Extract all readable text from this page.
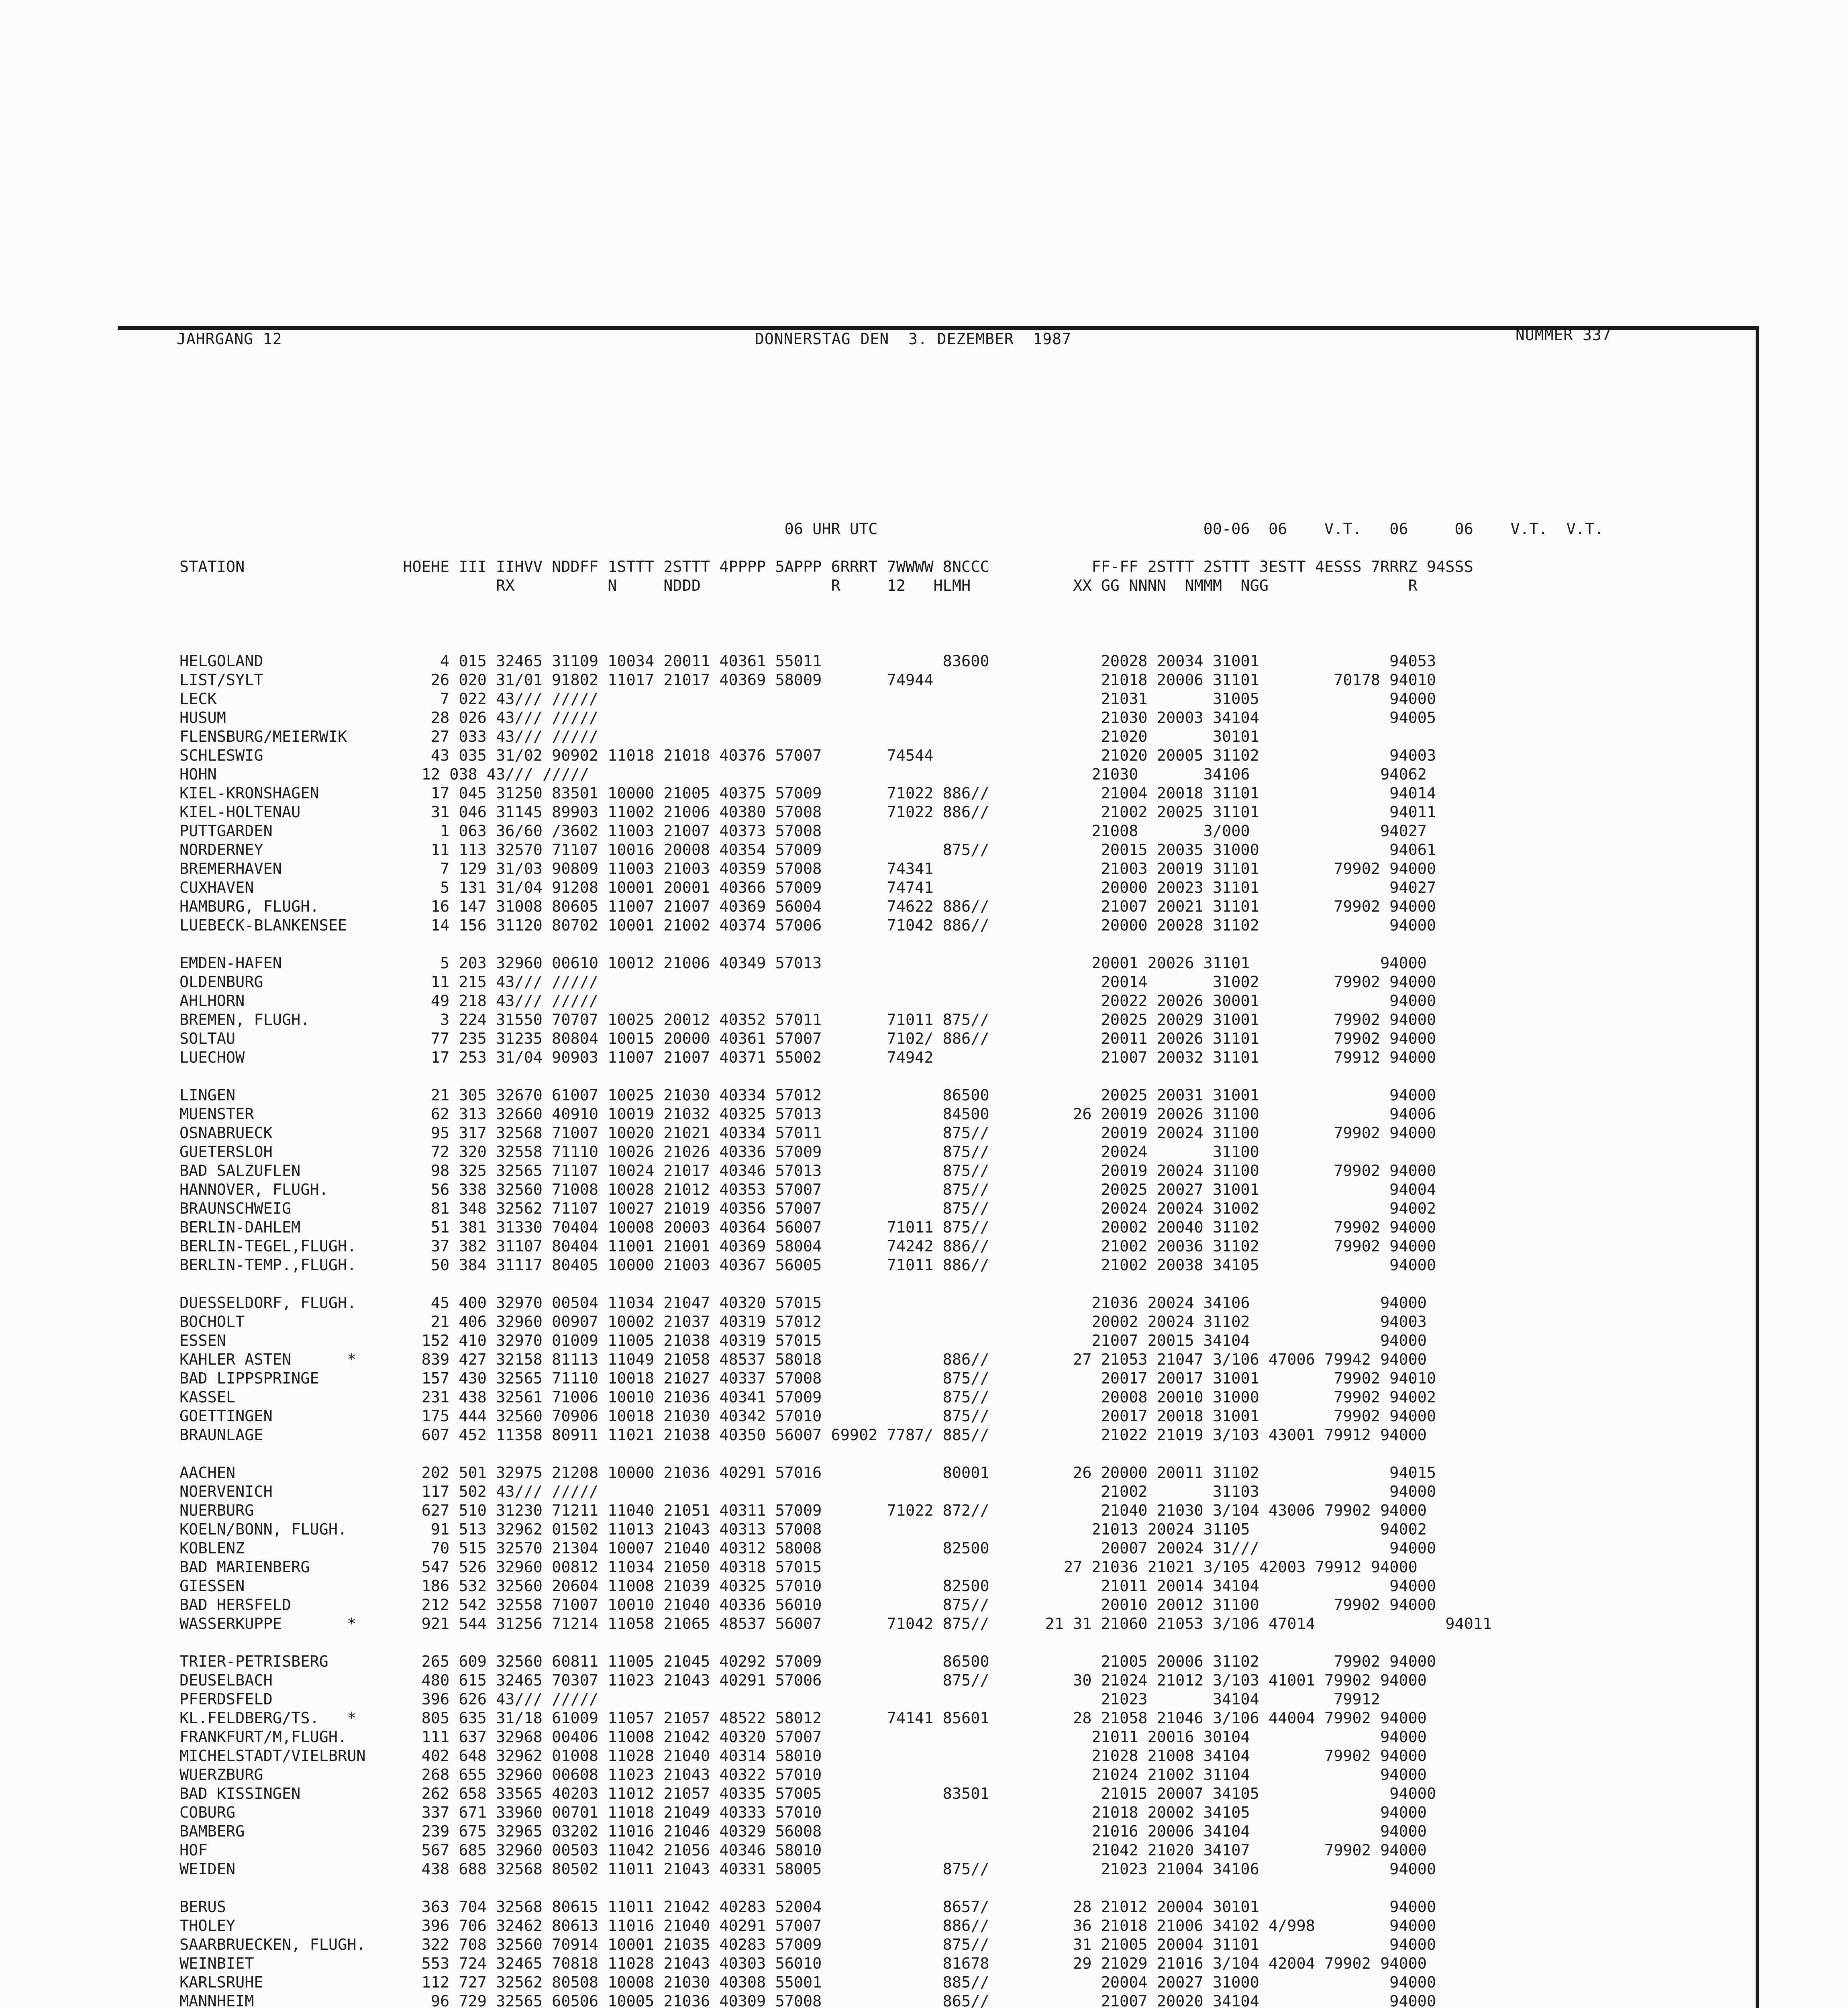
JAHRGANG 12	DONNERSTAG DEN  3. DEZEMBER  1987	NUMMER 337

06 UHR UTC                                   00-06  06    V.T.   06     06    V.T.  V.T.
STATION                 HOEHE III IIHVV NDDFF 1STTT 2STTT 4PPPP 5APPP 6RRRT 7WWWW 8NCCC           FF-FF 2STTT 2STTT 3ESTT 4ESSS 7RRRZ 94SSS
RX          N     NDDD              R     12   HLMH           XX GG NNNN  NMMM  NGG               R

HELGOLAND                   4 015 32465 31109 10034 20011 40361 55011             83600            20028 20034 31001              94053
LIST/SYLT                  26 020 31/01 91802 11017 21017 40369 58009       74944                  21018 20006 31101        70178 94010
LECK                        7 022 43/// /////                                                      21031       31005              94000
HUSUM                      28 026 43/// /////                                                      21030 20003 34104              94005
FLENSBURG/MEIERWIK         27 033 43/// /////                                                      21020       30101
SCHLESWIG                  43 035 31/02 90902 11018 21018 40376 57007       74544                  21020 20005 31102              94003
HOHN                      12 038 43/// /////                                                      21030       34106              94062
KIEL-KRONSHAGEN            17 045 31250 83501 10000 21005 40375 57009       71022 886//            21004 20018 31101              94014
KIEL-HOLTENAU              31 046 31145 89903 11002 21006 40380 57008       71022 886//            21002 20025 31101              94011
PUTTGARDEN                  1 063 36/60 /3602 11003 21007 40373 57008                             21008       3/000              94027
NORDERNEY                  11 113 32570 71107 10016 20008 40354 57009             875//            20015 20035 31000              94061
BREMERHAVEN                 7 129 31/03 90809 11003 21003 40359 57008       74341                  21003 20019 31101        79902 94000
CUXHAVEN                    5 131 31/04 91208 10001 20001 40366 57009       74741                  20000 20023 31101              94027
HAMBURG, FLUGH.            16 147 31008 80605 11007 21007 40369 56004       74622 886//            21007 20021 31101        79902 94000
LUEBECK-BLANKENSEE         14 156 31120 80702 10001 21002 40374 57006       71042 886//            20000 20028 31102              94000
EMDEN-HAFEN                 5 203 32960 00610 10012 21006 40349 57013                             20001 20026 31101              94000
OLDENBURG                  11 215 43/// /////                                                      20014       31002        79902 94000
AHLHORN                    49 218 43/// /////                                                      20022 20026 30001              94000
BREMEN, FLUGH.              3 224 31550 70707 10025 20012 40352 57011       71011 875//            20025 20029 31001        79902 94000
SOLTAU                     77 235 31235 80804 10015 20000 40361 57007       7102/ 886//            20011 20026 31101        79902 94000
LUECHOW                    17 253 31/04 90903 11007 21007 40371 55002       74942                  21007 20032 31101        79912 94000
LINGEN                     21 305 32670 61007 10025 21030 40334 57012             86500            20025 20031 31001              94000
MUENSTER                   62 313 32660 40910 10019 21032 40325 57013             84500         26 20019 20026 31100              94006
OSNABRUECK                 95 317 32568 71007 10020 21021 40334 57011             875//            20019 20024 31100        79902 94000
GUETERSLOH                 72 320 32558 71110 10026 21026 40336 57009             875//            20024       31100
BAD SALZUFLEN              98 325 32565 71107 10024 21017 40346 57013             875//            20019 20024 31100        79902 94000
HANNOVER, FLUGH.           56 338 32560 71008 10028 21012 40353 57007             875//            20025 20027 31001              94004
BRAUNSCHWEIG               81 348 32562 71107 10027 21019 40356 57007             875//            20024 20024 31002              94002
BERLIN-DAHLEM              51 381 31330 70404 10008 20003 40364 56007       71011 875//            20002 20040 31102        79902 94000
BERLIN-TEGEL,FLUGH.        37 382 31107 80404 11001 21001 40369 58004       74242 886//            21002 20036 31102        79902 94000
BERLIN-TEMP.,FLUGH.        50 384 31117 80405 10000 21003 40367 56005       71011 886//            21002 20038 34105              94000
DUESSELDORF, FLUGH.        45 400 32970 00504 11034 21047 40320 57015                             21036 20024 34106              94000
BOCHOLT                    21 406 32960 00907 10002 21037 40319 57012                             20002 20024 31102              94003
ESSEN                     152 410 32970 01009 11005 21038 40319 57015                             21007 20015 34104              94000
KAHLER ASTEN      *       839 427 32158 81113 11049 21058 48537 58018             886//         27 21053 21047 3/106 47006 79942 94000
BAD LIPPSPRINGE           157 430 32565 71110 10018 21027 40337 57008             875//            20017 20017 31001        79902 94010
KASSEL                    231 438 32561 71006 10010 21036 40341 57009             875//            20008 20010 31000        79902 94002
GOETTINGEN                175 444 32560 70906 10018 21030 40342 57010             875//            20017 20018 31001        79902 94000
BRAUNLAGE                 607 452 11358 80911 11021 21038 40350 56007 69902 7787/ 885//            21022 21019 3/103 43001 79912 94000
AACHEN                    202 501 32975 21208 10000 21036 40291 57016             80001         26 20000 20011 31102              94015
NOERVENICH                117 502 43/// /////                                                      21002       31103              94000
NUERBURG                  627 510 31230 71211 11040 21051 40311 57009       71022 872//            21040 21030 3/104 43006 79902 94000
KOELN/BONN, FLUGH.         91 513 32962 01502 11013 21043 40313 57008                             21013 20024 31105              94002
KOBLENZ                    70 515 32570 21304 10007 21040 40312 58008             82500            20007 20024 31///              94000
BAD MARIENBERG            547 526 32960 00812 11034 21050 40318 57015                          27 21036 21021 3/105 42003 79912 94000
GIESSEN                   186 532 32560 20604 11008 21039 40325 57010             82500            21011 20014 34104              94000
BAD HERSFELD              212 542 32558 71007 10010 21040 40336 56010             875//            20010 20012 31100        79902 94000
WASSERKUPPE       *       921 544 31256 71214 11058 21065 48537 56007       71042 875//      21 31 21060 21053 3/106 47014              94011
TRIER-PETRISBERG          265 609 32560 60811 11005 21045 40292 57009             86500            21005 20006 31102        79902 94000
DEUSELBACH                480 615 32465 70307 11023 21043 40291 57006             875//         30 21024 21012 3/103 41001 79902 94000
PFERDSFELD                396 626 43/// /////                                                      21023       34104        79912
KL.FELDBERG/TS.   *       805 635 31/18 61009 11057 21057 48522 58012       74141 85601         28 21058 21046 3/106 44004 79902 94000
FRANKFURT/M,FLUGH.        111 637 32968 00406 11008 21042 40320 57007                             21011 20016 30104              94000
MICHELSTADT/VIELBRUN      402 648 32962 01008 11028 21040 40314 58010                             21028 21008 34104        79902 94000
WUERZBURG                 268 655 32960 00608 11023 21043 40322 57010                             21024 21002 31104              94000
BAD KISSINGEN             262 658 33565 40203 11012 21057 40335 57005             83501            21015 20007 34105              94000
COBURG                    337 671 33960 00701 11018 21049 40333 57010                             21018 20002 34105              94000
BAMBERG                   239 675 32965 03202 11016 21046 40329 56008                             21016 20006 34104              94000
HOF                       567 685 32960 00503 11042 21056 40346 58010                             21042 21020 34107        79902 94000
WEIDEN                    438 688 32568 80502 11011 21043 40331 58005             875//            21023 21004 34106              94000
BERUS                     363 704 32568 80615 11011 21042 40283 52004             8657/         28 21012 20004 30101              94000
THOLEY                    396 706 32462 80613 11016 21040 40291 57007             886//         36 21018 21006 34102 4/998        94000
SAARBRUECKEN, FLUGH.      322 708 32560 70914 10001 21035 40283 57009             875//         31 21005 20004 31101              94000
WEINBIET                  553 724 32465 70818 11028 21043 40303 56010             81678         29 21029 21016 3/104 42004 79902 94000
KARLSRUHE                 112 727 32562 80508 10008 21030 40308 55001             885//            20004 20027 31000              94000
MANNHEIM                   96 729 32565 60506 10005 21036 40309 57008             865//            21007 20020 34104              94000
